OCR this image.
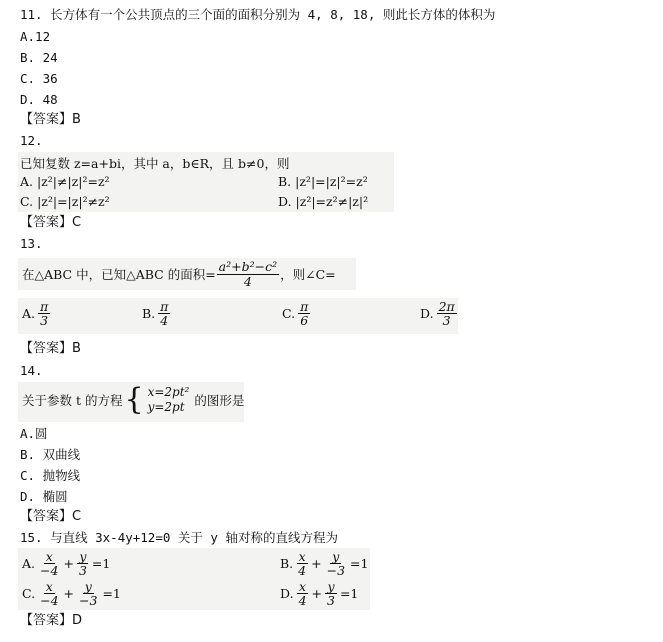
11. 长方体有一个公共顶点的三个面的面积分别为 4, 8, 18, 则此长方体的体积为
A.12
B. 24
C. 36
D. 48
【答案】B
12.
已知复数 z=a+bi，其中 a，b∈R，且 b≠0，则
A. |z²|≠|z|²=z²	B. |z²|=|z|²=z²
C. |z²|=|z|²≠z²	D. |z²|=z²≠|z|²
【答案】C
13.
在△ABC 中，已知△ABC 的面积= $\frac{\text{a²+b²−c²}}{4}$ ，则∠C=
A. $\frac{\pi}{3}$	B. $\frac{\pi}{4}$	C. $\frac{\pi}{6}$	D. $\frac{2\pi}{3}$
【答案】B
14.
关于参数 t 的方程 { x=2pt²
y=2pt 的图形是
A.圆
B. 双曲线
C. 抛物线
D. 椭圆
【答案】C
15. 与直线 3x-4y+12=0 关于 y 轴对称的直线方程为
A. $\frac{x}{-4} + \frac{y}{3} =1$	B. $\frac{x}{4} + \frac{y}{-3} =1$
C. $\frac{x}{-4} + \frac{y}{-3} =1$	D. $\frac{x}{4} + \frac{y}{3} =1$
【答案】D
